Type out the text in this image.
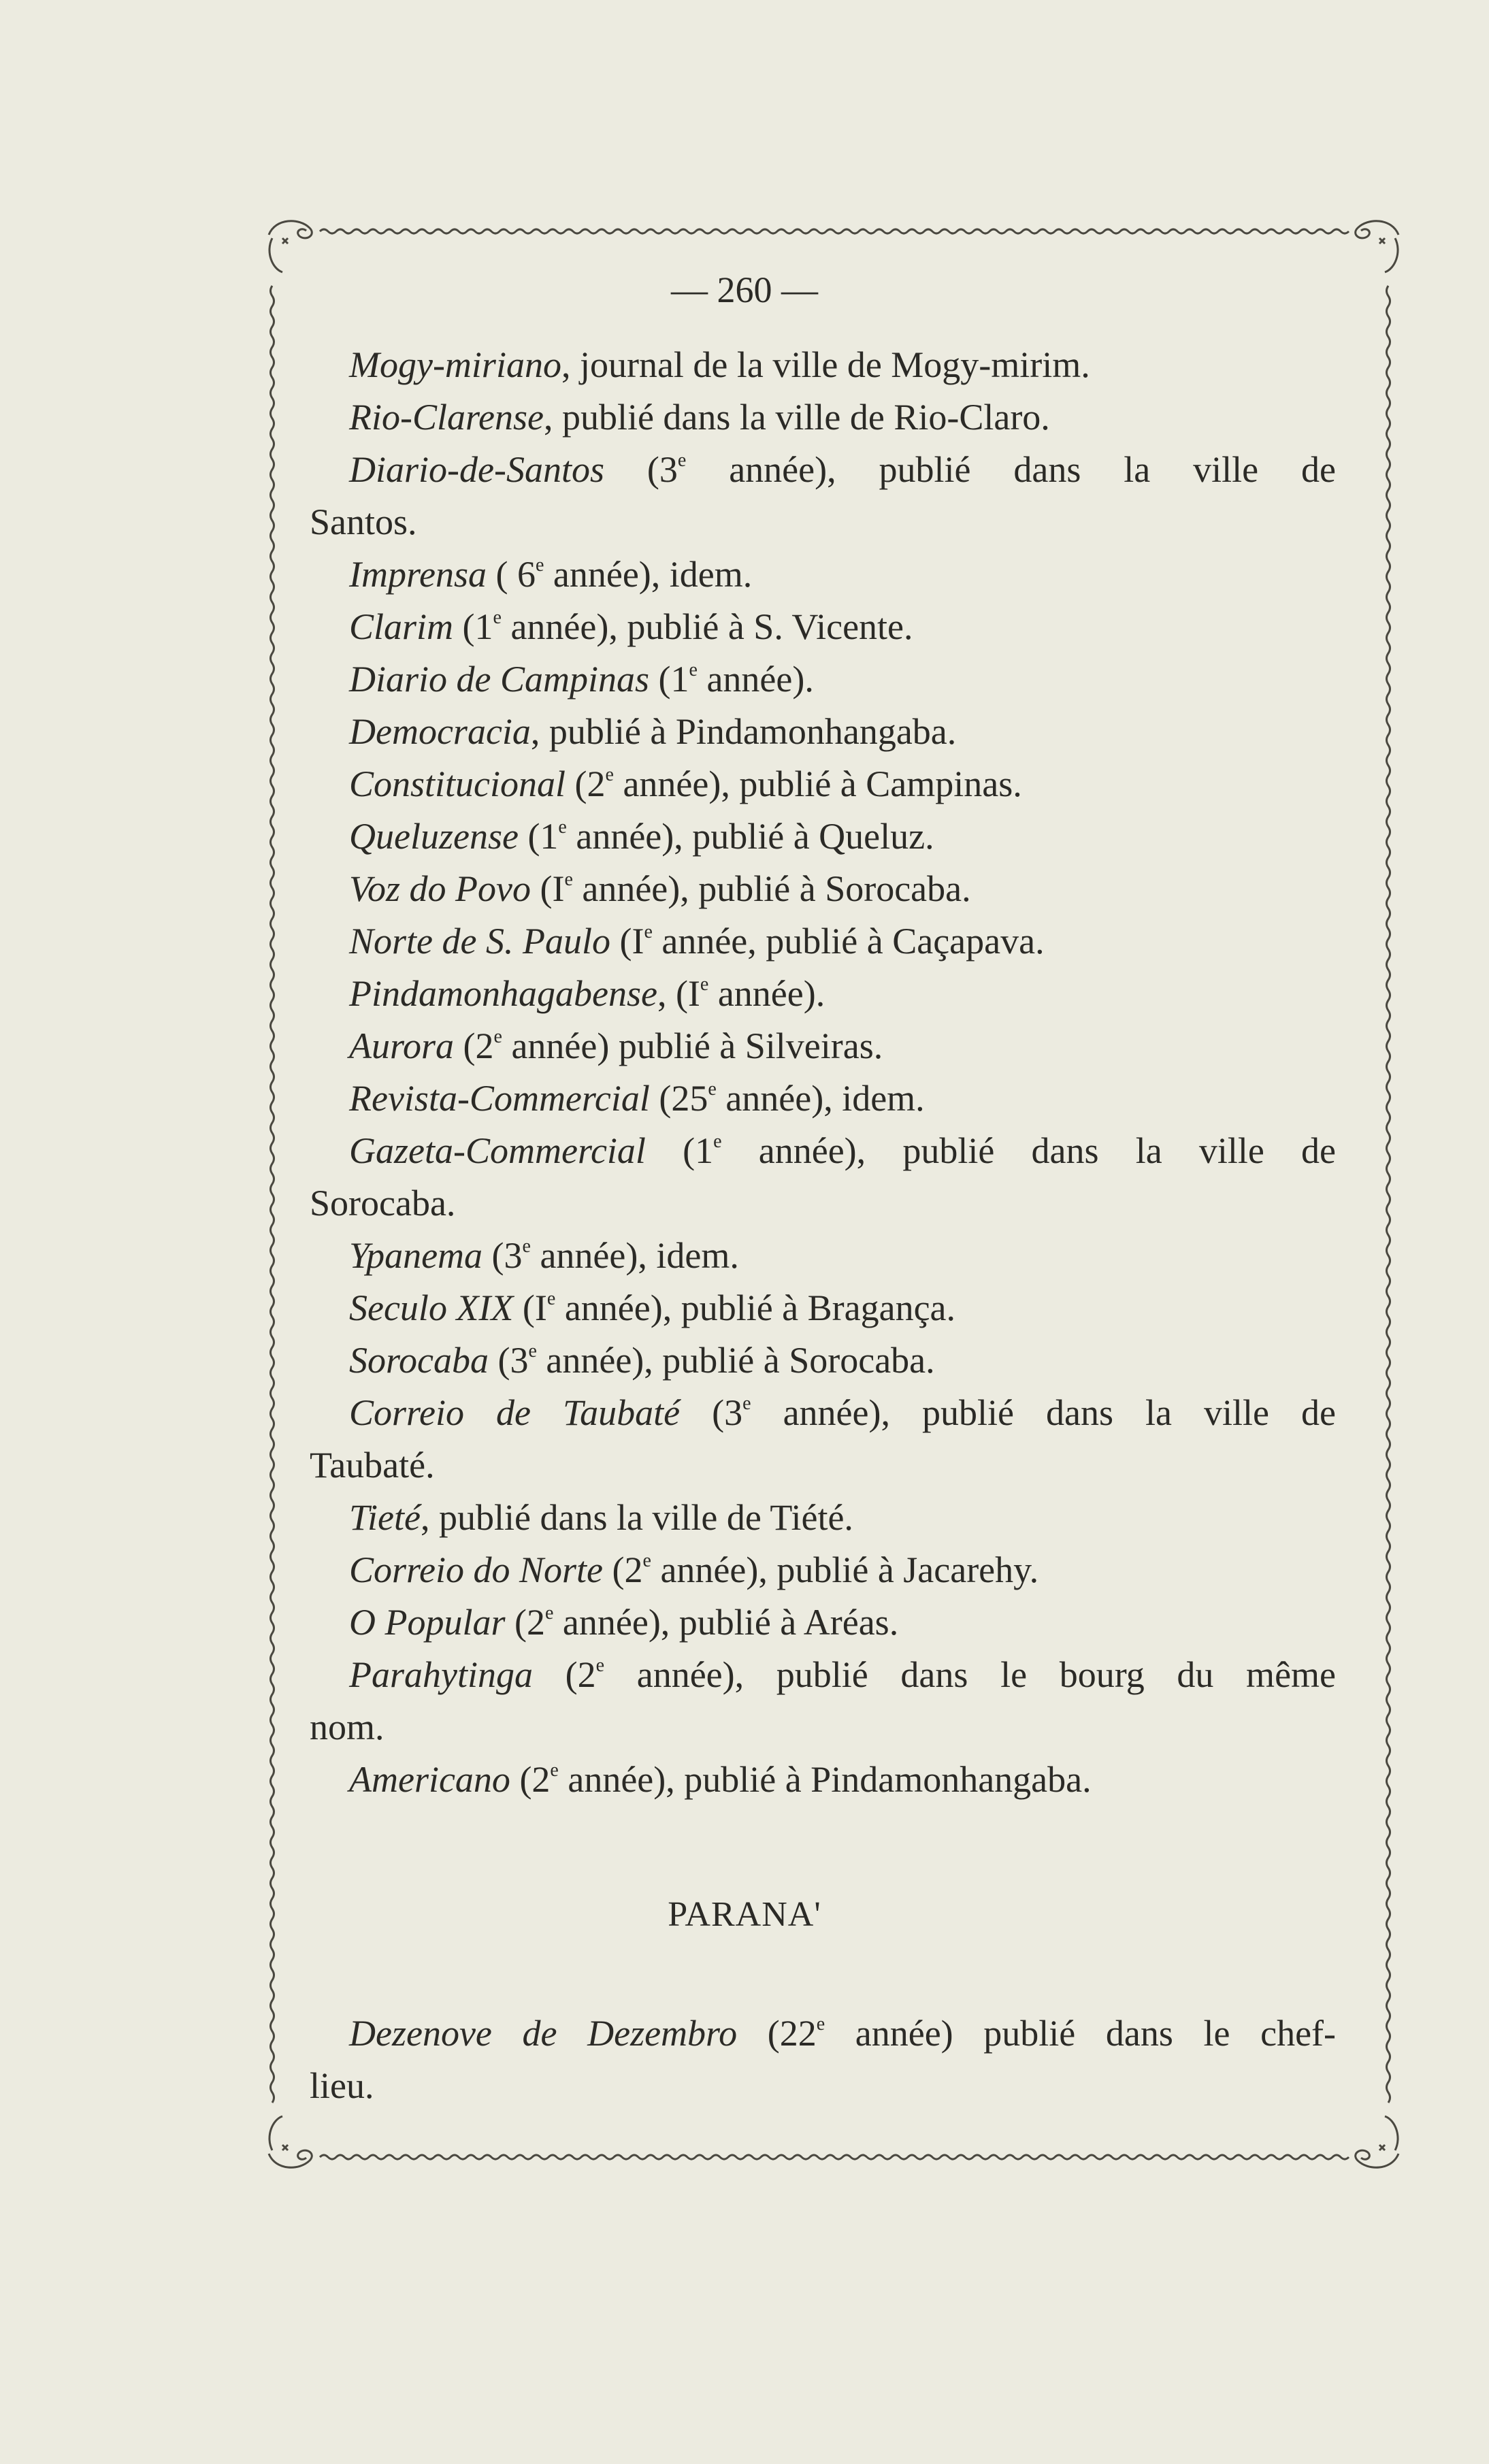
— 260 —
Mogy-miriano, journal de la ville de Mogy-mirim.
Rio-Clarense, publié dans la ville de Rio-Claro.
Diario-de-Santos (3e année), publié dans la ville de
Santos.
Imprensa ( 6e année), idem.
Clarim (1e année), publié à S. Vicente.
Diario de Campinas (1e année).
Democracia, publié à Pindamonhangaba.
Constitucional (2e année), publié à Campinas.
Queluzense (1e année), publié à Queluz.
Voz do Povo (Ie année), publié à Sorocaba.
Norte de S. Paulo (Ie année, publié à Caçapava.
Pindamonhagabense, (Ie année).
Aurora (2e année) publié à Silveiras.
Revista-Commercial (25e année), idem.
Gazeta-Commercial (1e année), publié dans la ville de
Sorocaba.
Ypanema (3e année), idem.
Seculo XIX (Ie année), publié à Bragança.
Sorocaba (3e année), publié à Sorocaba.
Correio de Taubaté (3e année), publié dans la ville de
Taubaté.
Tieté, publié dans la ville de Tiété.
Correio do Norte (2e année), publié à Jacarehy.
O Popular (2e année), publié à Aréas.
Parahytinga (2e année), publié dans le bourg du même
nom.
Americano (2e année), publié à Pindamonhangaba.
PARANA'
Dezenove de Dezembro (22e année) publié dans le chef-
lieu.
